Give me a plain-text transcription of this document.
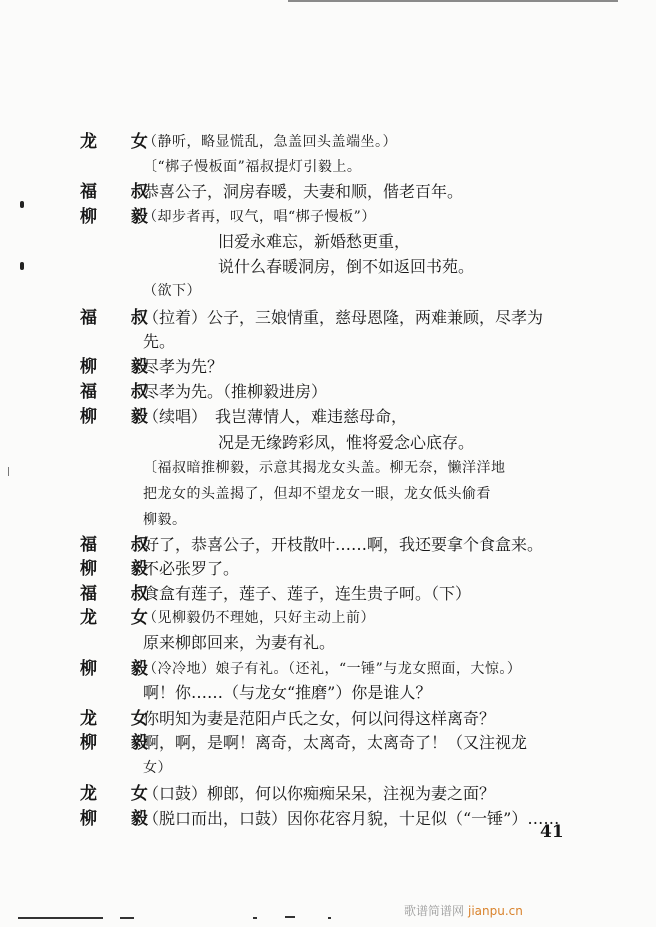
龙 女
（静听，略显慌乱，急盖回头盖端坐。）
〔“梆子慢板面”福叔提灯引毅上。
福 叔
恭喜公子，洞房春暖，夫妻和顺，偕老百年。
柳 毅
（却步者再，叹气，唱“梆子慢板”）
旧爱永难忘，新婚愁更重，
说什么春暖洞房，倒不如返回书苑。
（欲下）
福 叔
（拉着）公子，三娘情重，慈母恩隆，两难兼顾，尽孝为
先。
柳 毅
尽孝为先？
福 叔
尽孝为先。（推柳毅进房）
柳 毅
（续唱）　我岂薄情人，难违慈母命，
况是无缘跨彩凤，惟将爱念心底存。
〔福叔暗推柳毅，示意其揭龙女头盖。柳无奈，懒洋洋地
把龙女的头盖揭了，但却不望龙女一眼，龙女低头偷看
柳毅。
福 叔
好了，恭喜公子，开枝散叶……啊，我还要拿个食盒来。
柳 毅
不必张罗了。
福 叔
食盒有莲子，莲子、莲子，连生贵子呵。（下）
龙 女
（见柳毅仍不理她，只好主动上前）
原来柳郎回来，为妻有礼。
柳 毅
（冷冷地）娘子有礼。（还礼，“一锤”与龙女照面，大惊。）
啊！你……（与龙女“推磨”）你是谁人？
龙 女
你明知为妻是范阳卢氏之女，何以问得这样离奇？
柳 毅
啊，啊，是啊！离奇，太离奇，太离奇了！（又注视龙
女）
龙 女
（口鼓）柳郎，何以你痴痴呆呆，注视为妻之面？
柳 毅
（脱口而出，口鼓）因你花容月貌，十足似（“一锤”）……
41
歌谱简谱网 jianpu.cn
